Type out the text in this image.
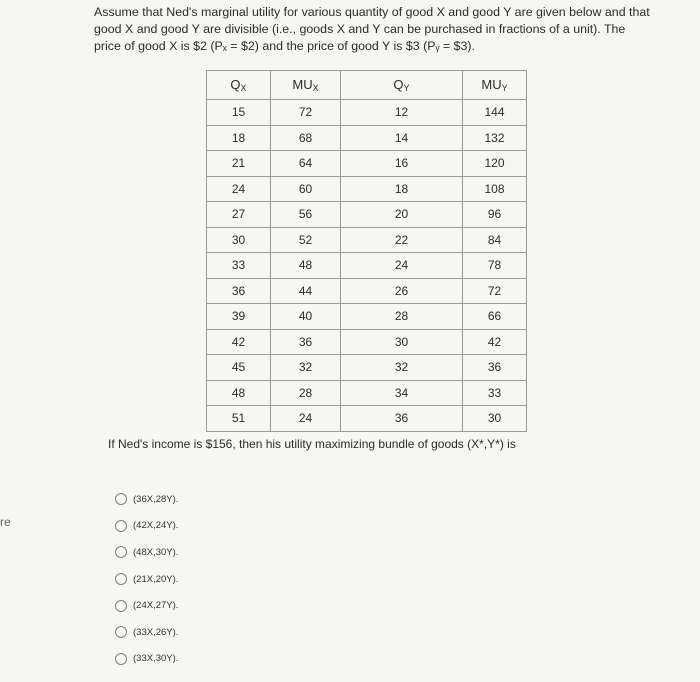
re
Assume that Ned's marginal utility for various quantity of good X and good Y are given below and that good X and good Y are divisible (i.e., goods X and Y can be purchased in fractions of a unit). The price of good X is $2 (Pₓ = $2) and the price of good Y is $3 (Pᵧ = $3).
$Q_X$	$MU_X$	$Q_Y$	$MU_Y$
15	72	12	144
18	68	14	132
21	64	16	120
24	60	18	108
27	56	20	96
30	52	22	84
33	48	24	78
36	44	26	72
39	40	28	66
42	36	30	42
45	32	32	36
48	28	34	33
51	24	36	30
If Ned's income is $156, then his utility maximizing bundle of goods (X*,Y*) is
(36X,28Y).
(42X,24Y).
(48X,30Y).
(21X,20Y).
(24X,27Y).
(33X,26Y).
(33X,30Y).
